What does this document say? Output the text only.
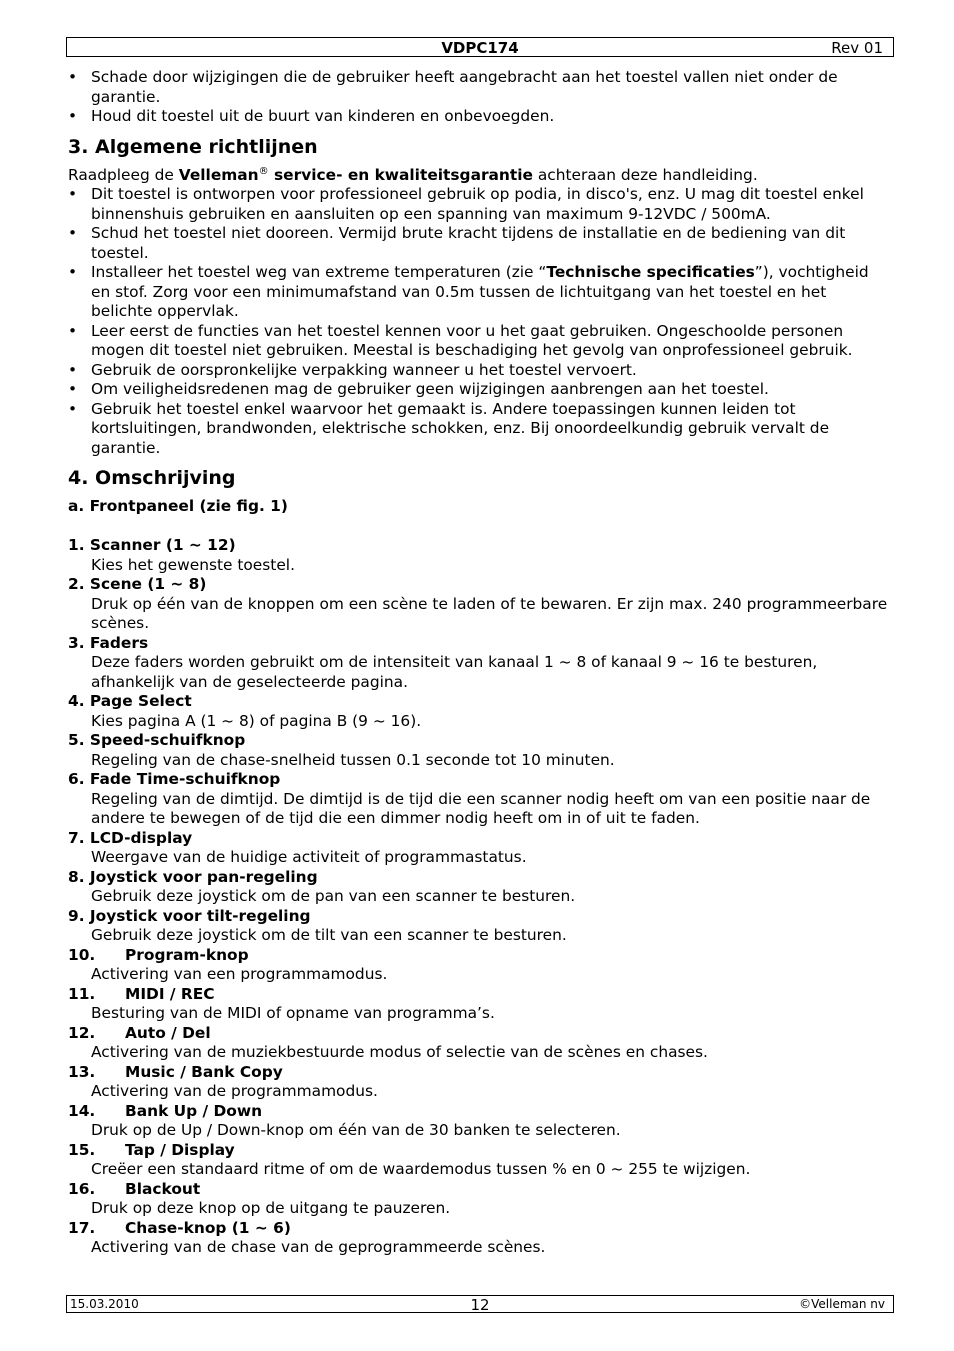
VDPC174	Rev 01
• Schade door wijzigingen die de gebruiker heeft aangebracht aan het toestel vallen niet onder de garantie.
• Houd dit toestel uit de buurt van kinderen en onbevoegden.
3. Algemene richtlijnen

Raadpleeg de Velleman® service- en kwaliteitsgarantie achteraan deze handleiding.

• Dit toestel is ontworpen voor professioneel gebruik op podia, in disco's, enz. U mag dit toestel enkel binnenshuis gebruiken en aansluiten op een spanning van maximum 9-12VDC / 500mA.
• Schud het toestel niet dooreen. Vermijd brute kracht tijdens de installatie en de bediening van dit toestel.
• Installeer het toestel weg van extreme temperaturen (zie “Technische specificaties”), vochtigheid en stof. Zorg voor een minimumafstand van 0.5m tussen de lichtuitgang van het toestel en het belichte oppervlak.
• Leer eerst de functies van het toestel kennen voor u het gaat gebruiken. Ongeschoolde personen mogen dit toestel niet gebruiken. Meestal is beschadiging het gevolg van onprofessioneel gebruik.
• Gebruik de oorspronkelijke verpakking wanneer u het toestel vervoert.
• Om veiligheidsredenen mag de gebruiker geen wijzigingen aanbrengen aan het toestel.
• Gebruik het toestel enkel waarvoor het gemaakt is. Andere toepassingen kunnen leiden tot kortsluitingen, brandwonden, elektrische schokken, enz. Bij onoordeelkundig gebruik vervalt de garantie.
4. Omschrijving

a. Frontpaneel (zie fig. 1)

1. Scanner (1 ~ 12)
Kies het gewenste toestel.
2. Scene (1 ~ 8)
Druk op één van de knoppen om een scène te laden of te bewaren. Er zijn max. 240 programmeerbare scènes.
3. Faders
Deze faders worden gebruikt om de intensiteit van kanaal 1 ~ 8 of kanaal 9 ~ 16 te besturen, afhankelijk van de geselecteerde pagina.
4. Page Select
Kies pagina A (1 ~ 8) of pagina B (9 ~ 16).
5. Speed-schuifknop
Regeling van de chase-snelheid tussen 0.1 seconde tot 10 minuten.
6. Fade Time-schuifknop
Regeling van de dimtijd. De dimtijd is de tijd die een scanner nodig heeft om van een positie naar de andere te bewegen of de tijd die een dimmer nodig heeft om in of uit te faden.
7. LCD-display
Weergave van de huidige activiteit of programmastatus.
8. Joystick voor pan-regeling
Gebruik deze joystick om de pan van een scanner te besturen.
9. Joystick voor tilt-regeling
Gebruik deze joystick om de tilt van een scanner te besturen.
10. Program-knop
Activering van een programmamodus.
11. MIDI / REC
Besturing van de MIDI of opname van programma’s.
12. Auto / Del
Activering van de muziekbestuurde modus of selectie van de scènes en chases.
13. Music / Bank Copy
Activering van de programmamodus.
14. Bank Up / Down
Druk op de Up / Down-knop om één van de 30 banken te selecteren.
15. Tap / Display
Creëer een standaard ritme of om de waardemodus tussen % en 0 ~ 255 te wijzigen.
16. Blackout
Druk op deze knop op de uitgang te pauzeren.
17. Chase-knop (1 ~ 6)
Activering van de chase van de geprogrammeerde scènes.
15.03.2010	12	©Velleman nv
